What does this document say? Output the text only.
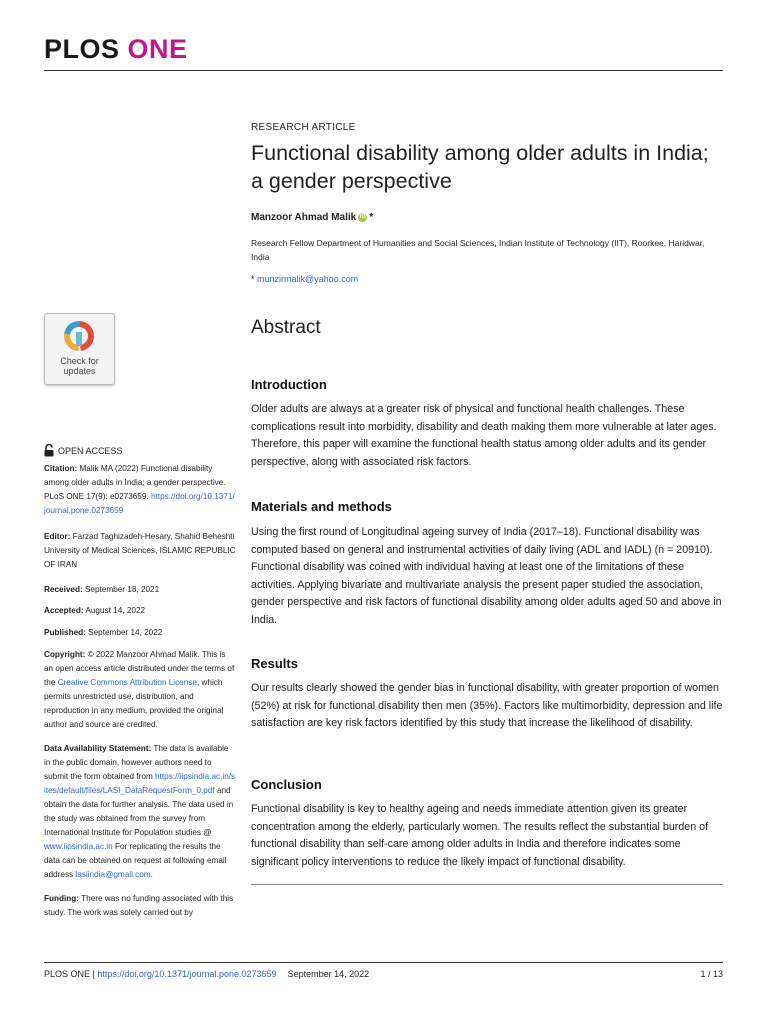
PLOS ONE
RESEARCH ARTICLE
Functional disability among older adults in India; a gender perspective
Manzoor Ahmad Malik iD *
Research Fellow Department of Humanities and Social Sciences, Indian Institute of Technology (IIT), Roorkee, Haridwar, India
* munzirmalik@yahoo.com
Check for
updates
OPEN ACCESS
Citation: Malik MA (2022) Functional disability among older adults in India; a gender perspective. PLoS ONE 17(9): e0273659. https://doi.org/10.1371/journal.pone.0273659
Editor: Farzad Taghizadeh-Hesary, Shahid Beheshti University of Medical Sciences, ISLAMIC REPUBLIC OF IRAN
Received: September 18, 2021
Accepted: August 14, 2022
Published: September 14, 2022
Copyright: © 2022 Manzoor Ahmad Malik. This is an open access article distributed under the terms of the Creative Commons Attribution License, which permits unrestricted use, distribution, and reproduction in any medium, provided the original author and source are credited.
Data Availability Statement: The data is available in the public domain, however authors need to submit the form obtained from https://iipsindia.ac.in/sites/default/files/LASI_DataRequestForm_0.pdf and obtain the data for further analysis. The data used in the study was obtained from the survey from International Institute for Population studies @ www.iipsindia.ac.in For replicating the results the data can be obtained on request at following email address lasiindia@gmail.com.
Funding: There was no funding associated with this study. The work was solely carried out by
Abstract
Introduction
Older adults are always at a greater risk of physical and functional health challenges. These complications result into morbidity, disability and death making them more vulnerable at later ages. Therefore, this paper will examine the functional health status among older adults and its gender perspective, along with associated risk factors.
Materials and methods
Using the first round of Longitudinal ageing survey of India (2017–18). Functional disability was computed based on general and instrumental activities of daily living (ADL and IADL) (n = 20910). Functional disability was coined with individual having at least one of the limitations of these activities. Applying bivariate and multivariate analysis the present paper studied the association, gender perspective and risk factors of functional disability among older adults aged 50 and above in India.
Results
Our results clearly showed the gender bias in functional disability, with greater proportion of women (52%) at risk for functional disability then men (35%). Factors like multimorbidity, depression and life satisfaction are key risk factors identified by this study that increase the likelihood of disability.
Conclusion
Functional disability is key to healthy ageing and needs immediate attention given its greater concentration among the elderly, particularly women. The results reflect the substantial burden of functional disability than self-care among older adults in India and therefore indicates some significant policy interventions to reduce the likely impact of functional disability.
PLOS ONE | https://doi.org/10.1371/journal.pone.0273659 September 14, 2022	1 / 13
